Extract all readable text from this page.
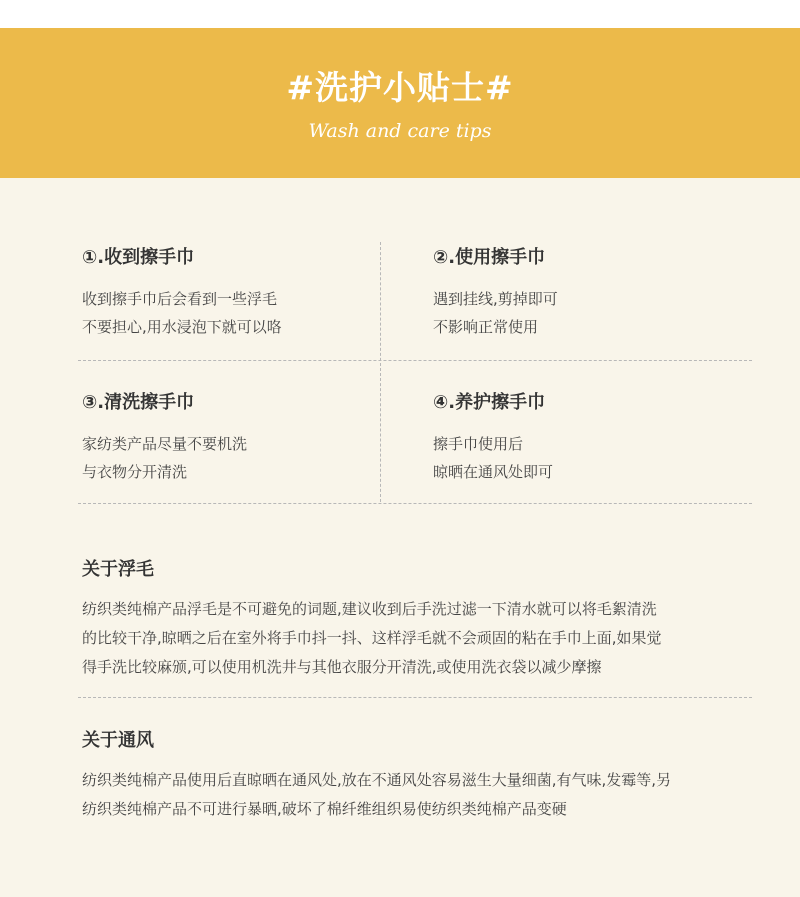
#洗护小贴士#
Wash and care tips
①.收到擦手巾
收到擦手巾后会看到一些浮毛
不要担心,用水浸泡下就可以咯
②.使用擦手巾
遇到挂线,剪掉即可
不影响正常使用
③.清洗擦手巾
家纺类产品尽量不要机洗
与衣物分开清洗
④.养护擦手巾
擦手巾使用后
晾晒在通风处即可
关于浮毛
纺织类纯棉产品浮毛是不可避免的词题,建议收到后手洗过滤一下清水就可以将毛絮清洗
的比较干净,晾晒之后在室外将手巾抖一抖、这样浮毛就不会顽固的粘在手巾上面,如果觉
得手洗比较麻颁,可以使用机洗井与其他衣服分开清洗,或使用洗衣袋以减少摩擦
关于通风
纺织类纯棉产品使用后直晾晒在通风处,放在不通风处容易滋生大量细菌,有气味,发霉等,另
纺织类纯棉产品不可进行暴晒,破坏了棉纤维组织易使纺织类纯棉产品变硬
